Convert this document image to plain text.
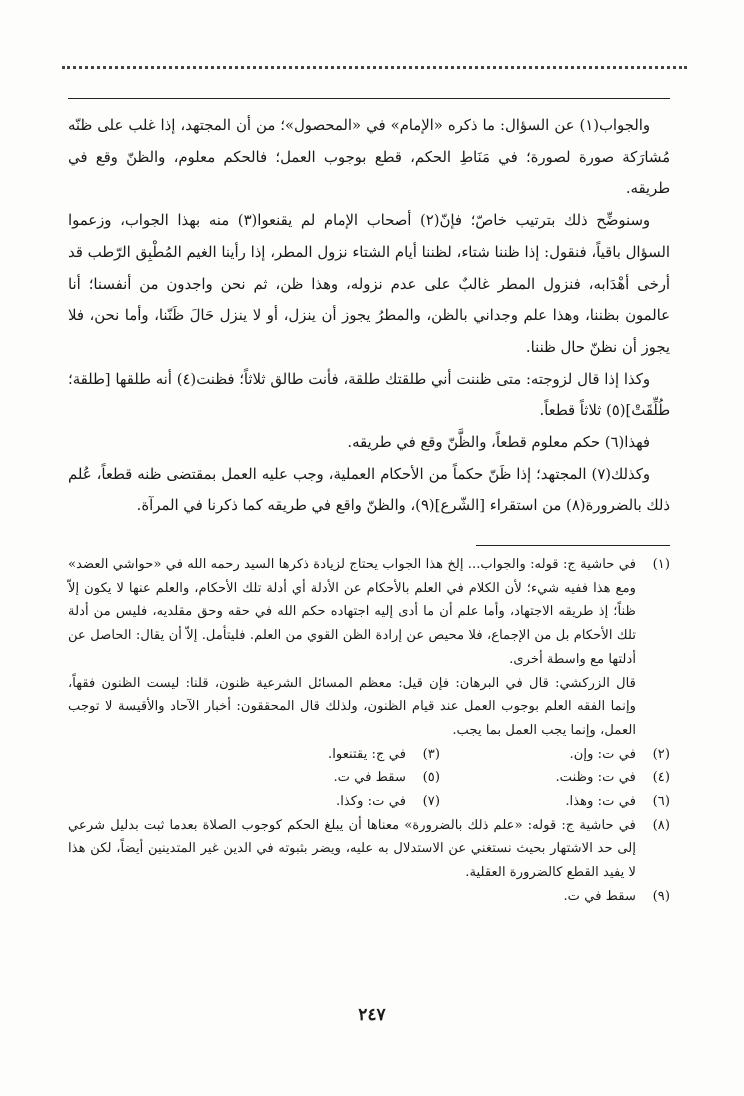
والجواب(١) عن السؤال: ما ذكره «الإمام» في «المحصول»؛ من أن المجتهد، إذا غلب على ظنّه مُشارَكة صورة لصورة؛ في مَنَاطِ الحكم، قطع بوجوب العمل؛ فالحكم معلوم، والظنّ وقع في طريقه.

وسنوضِّح ذلك بترتيب خاصّ؛ فإنّ(٢) أصحاب الإمام لم يقنعوا(٣) منه بهذا الجواب، وزعموا السؤال باقياً، فنقول: إذا ظننا شتاء، لظننا أيام الشتاء نزول المطر، إذا رأينا الغيم المُطْبِق الرّطب قد أرخى أهْدَابه، فنزول المطر غالبٌ على عدم نزوله، وهذا ظن، ثم نحن واجدون من أنفسنا؛ أنا عالمون بظننا، وهذا علم وجداني بالظن، والمطرُ يجوز أن ينزل، أو لا ينزل حَالَ ظَنّنا، وأما نحن، فلا يجوز أن نظنّ حال ظننا.

وكذا إذا قال لزوجته: متى ظننت أني طلقتك طلقة، فأنت طالق ثلاثاً؛ فظنت(٤) أنه طلقها [طلقة؛ طُلِّقَتْ](٥) ثلاثاً قطعاً.

فهذا(٦) حكم معلوم قطعاً، والظَّنّ وقع في طريقه.

وكذلك(٧) المجتهد؛ إذا ظَنّ حكماً من الأحكام العملية، وجب عليه العمل بمقتضى ظنه قطعاً، عُلم ذلك بالضرورة(٨) من استقراء [الشّرع](٩)، والظنّ واقع في طريقه كما ذكرنا في المرآة.

(١)

في حاشية ج: قوله: والجواب... إلخ هذا الجواب يحتاج لزيادة ذكرها السيد رحمه الله في «حواشي العضد» ومع هذا ففيه شيء؛ لأن الكلام في العلم بالأحكام عن الأدلة أي أدلة تلك الأحكام، والعلم عنها لا يكون إلاّ ظناً؛ إذ طريقه الاجتهاد، وأما علم أن ما أدى إليه اجتهاده حكم الله في حقه وحق مقلديه، فليس من أدلة تلك الأحكام بل من الإجماع، فلا محيص عن إرادة الظن القوي من العلم. فليتأمل. إلاّ أن يقال: الحاصل عن أدلتها مع واسطة أخرى.

قال الزركشي: قال في البرهان: فإن قيل: معظم المسائل الشرعية ظنون، قلنا: ليست الظنون فقهاً، وإنما الفقه العلم بوجوب العمل عند قيام الظنون، ولذلك قال المحققون: أخبار الآحاد والأقيسة لا توجب العمل، وإنما يجب العمل بما يجب.

(٢)
في ت: وإن.
(٣)
في ج: يقتنعوا.
(٤)
في ت: وظنت.
(٥)
سقط في ت.
(٦)
في ت: وهذا.
(٧)
في ت: وكذا.
(٨)

في حاشية ج: قوله: «علم ذلك بالضرورة» معناها أن يبلغ الحكم كوجوب الصلاة بعدما ثبت بدليل شرعي إلى حد الاشتهار بحيث نستغني عن الاستدلال به عليه، ويضر بثبوته في الدين غير المتدينين أيضاً، لكن هذا لا يفيد القطع كالضرورة العقلية.

(٩)

سقط في ت.

٢٤٧
